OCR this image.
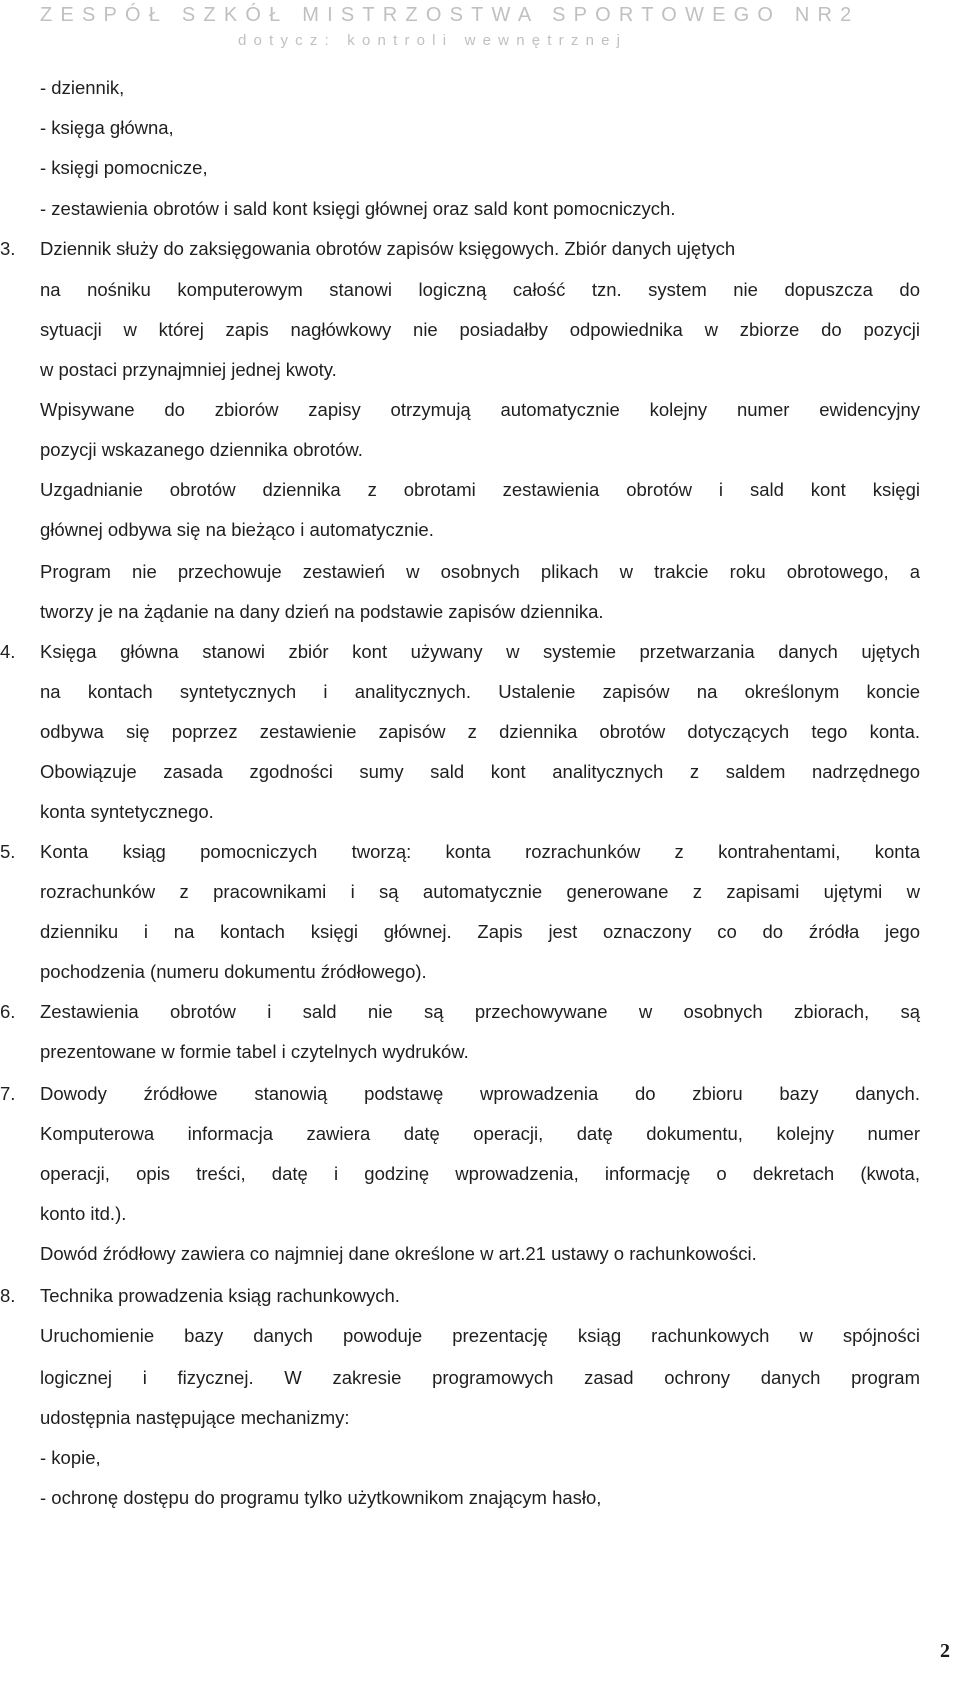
ZESPÓŁ SZKÓŁ MISTRZOSTWA SPORTOWEGO NR2
dotycz: kontroli wewnętrznej
- dziennik,
- księga główna,
- księgi pomocnicze,
- zestawienia obrotów i sald kont księgi głównej oraz sald kont pomocniczych.
3.	Dziennik służy do zaksięgowania obrotów zapisów księgowych. Zbiór danych ujętych
na nośniku komputerowym stanowi logiczną całość tzn. system nie dopuszcza do
sytuacji w której zapis nagłówkowy nie posiadałby odpowiednika w zbiorze do pozycji
w postaci przynajmniej jednej kwoty.
Wpisywane do zbiorów zapisy otrzymują automatycznie kolejny numer ewidencyjny
pozycji wskazanego dziennika obrotów.
Uzgadnianie obrotów dziennika z obrotami zestawienia obrotów i sald kont księgi
głównej odbywa się na bieżąco i automatycznie.
Program nie przechowuje zestawień w osobnych plikach w trakcie roku obrotowego, a
tworzy je na żądanie na dany dzień na podstawie zapisów dziennika.
4.	Księga główna stanowi zbiór kont używany w systemie przetwarzania danych ujętych
na kontach syntetycznych i analitycznych. Ustalenie zapisów na określonym koncie
odbywa się poprzez zestawienie zapisów z dziennika obrotów dotyczących tego konta.
Obowiązuje zasada zgodności sumy sald kont analitycznych z saldem nadrzędnego
konta syntetycznego.
5.	Konta ksiąg pomocniczych tworzą: konta rozrachunków z kontrahentami, konta
rozrachunków z pracownikami i są automatycznie generowane z zapisami ujętymi w
dzienniku i na kontach księgi głównej. Zapis jest oznaczony co do źródła jego
pochodzenia (numeru dokumentu źródłowego).
6.	Zestawienia obrotów i sald nie są przechowywane w osobnych zbiorach, są
prezentowane w formie tabel i czytelnych wydruków.
7.	Dowody źródłowe stanowią podstawę wprowadzenia do zbioru bazy danych.
Komputerowa informacja zawiera datę operacji, datę dokumentu, kolejny numer
operacji, opis treści, datę i godzinę wprowadzenia, informację o dekretach (kwota,
konto itd.).
Dowód źródłowy zawiera co najmniej dane określone w art.21 ustawy o rachunkowości.
8.	Technika prowadzenia ksiąg rachunkowych.
Uruchomienie bazy danych powoduje prezentację ksiąg rachunkowych w spójności
logicznej i fizycznej. W zakresie programowych zasad ochrony danych program
udostępnia następujące mechanizmy:
- kopie,
- ochronę dostępu do programu tylko użytkownikom znającym hasło,
2
